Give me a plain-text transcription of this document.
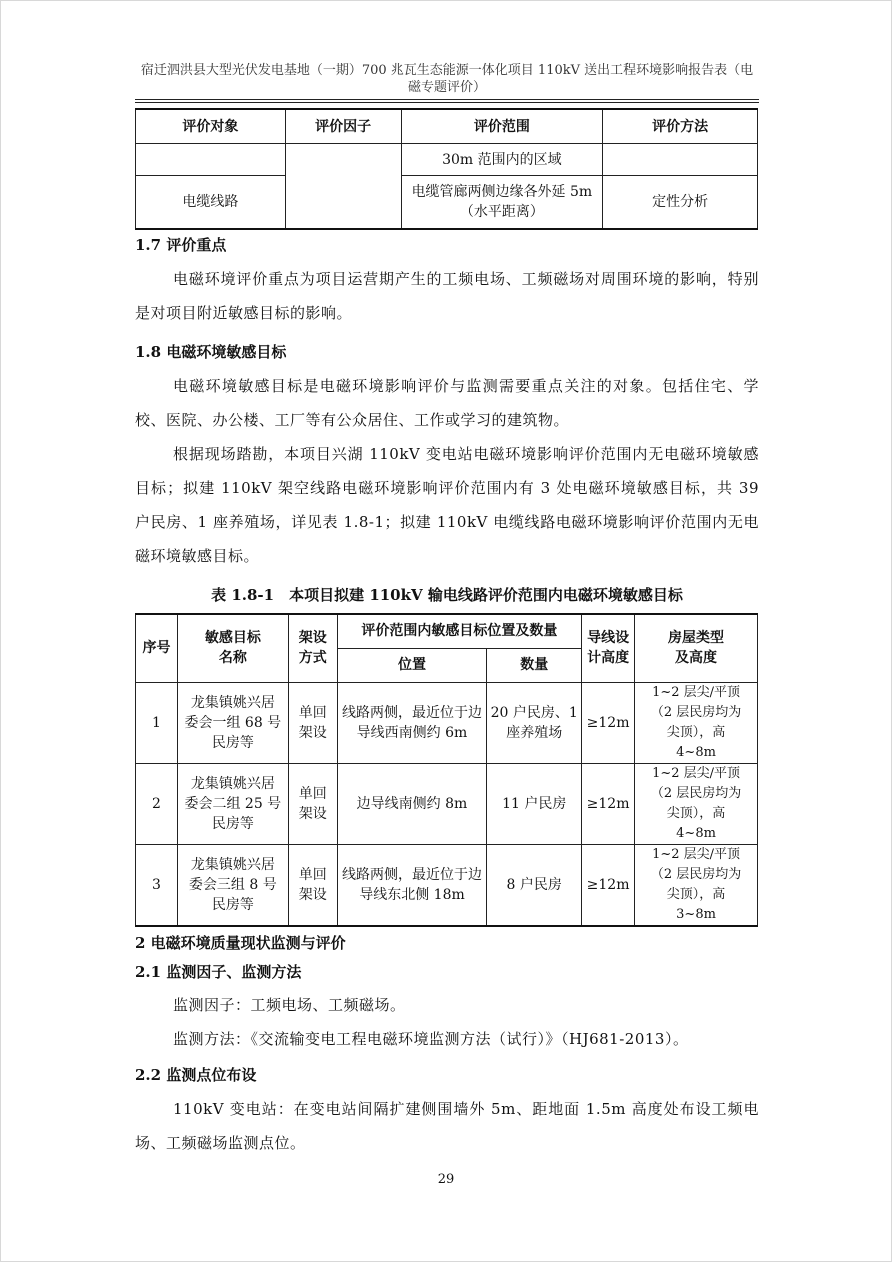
宿迁泗洪县大型光伏发电基地（一期）700 兆瓦生态能源一体化项目 110kV 送出工程环境影响报告表（电磁专题评价）
评价对象	评价因子	评价范围	评价方法
		30m 范围内的区域	
电缆线路		电缆管廊两侧边缘各外延 5m（水平距离）	定性分析
1.7 评价重点
电磁环境评价重点为项目运营期产生的工频电场、工频磁场对周围环境的影响，特别是对项目附近敏感目标的影响。
1.8 电磁环境敏感目标
电磁环境敏感目标是电磁环境影响评价与监测需要重点关注的对象。包括住宅、学校、医院、办公楼、工厂等有公众居住、工作或学习的建筑物。
根据现场踏勘，本项目兴湖 110kV 变电站电磁环境影响评价范围内无电磁环境敏感目标；拟建 110kV 架空线路电磁环境影响评价范围内有 3 处电磁环境敏感目标，共 39 户民房、1 座养殖场，详见表 1.8-1；拟建 110kV 电缆线路电磁环境影响评价范围内无电磁环境敏感目标。
表 1.8-1　本项目拟建 110kV 输电线路评价范围内电磁环境敏感目标
序号	敏感目标名称	架设方式	评价范围内敏感目标位置及数量		导线设计高度	房屋类型及高度
			位置	数量		
1	龙集镇姚兴居委会一组 68 号民房等	单回架设	线路两侧，最近位于边导线西南侧约 6m	20 户民房、1 座养殖场	≥12m	1~2 层尖/平顶（2 层民房均为尖顶），高 4~8m
2	龙集镇姚兴居委会二组 25 号民房等	单回架设	边导线南侧约 8m	11 户民房	≥12m	1~2 层尖/平顶（2 层民房均为尖顶），高 4~8m
3	龙集镇姚兴居委会三组 8 号民房等	单回架设	线路两侧，最近位于边导线东北侧 18m	8 户民房	≥12m	1~2 层尖/平顶（2 层民房均为尖顶），高 3~8m
2 电磁环境质量现状监测与评价
2.1 监测因子、监测方法
监测因子：工频电场、工频磁场。
监测方法：《交流输变电工程电磁环境监测方法（试行）》（HJ681-2013）。
2.2 监测点位布设
110kV 变电站：在变电站间隔扩建侧围墙外 5m、距地面 1.5m 高度处布设工频电场、工频磁场监测点位。
29
